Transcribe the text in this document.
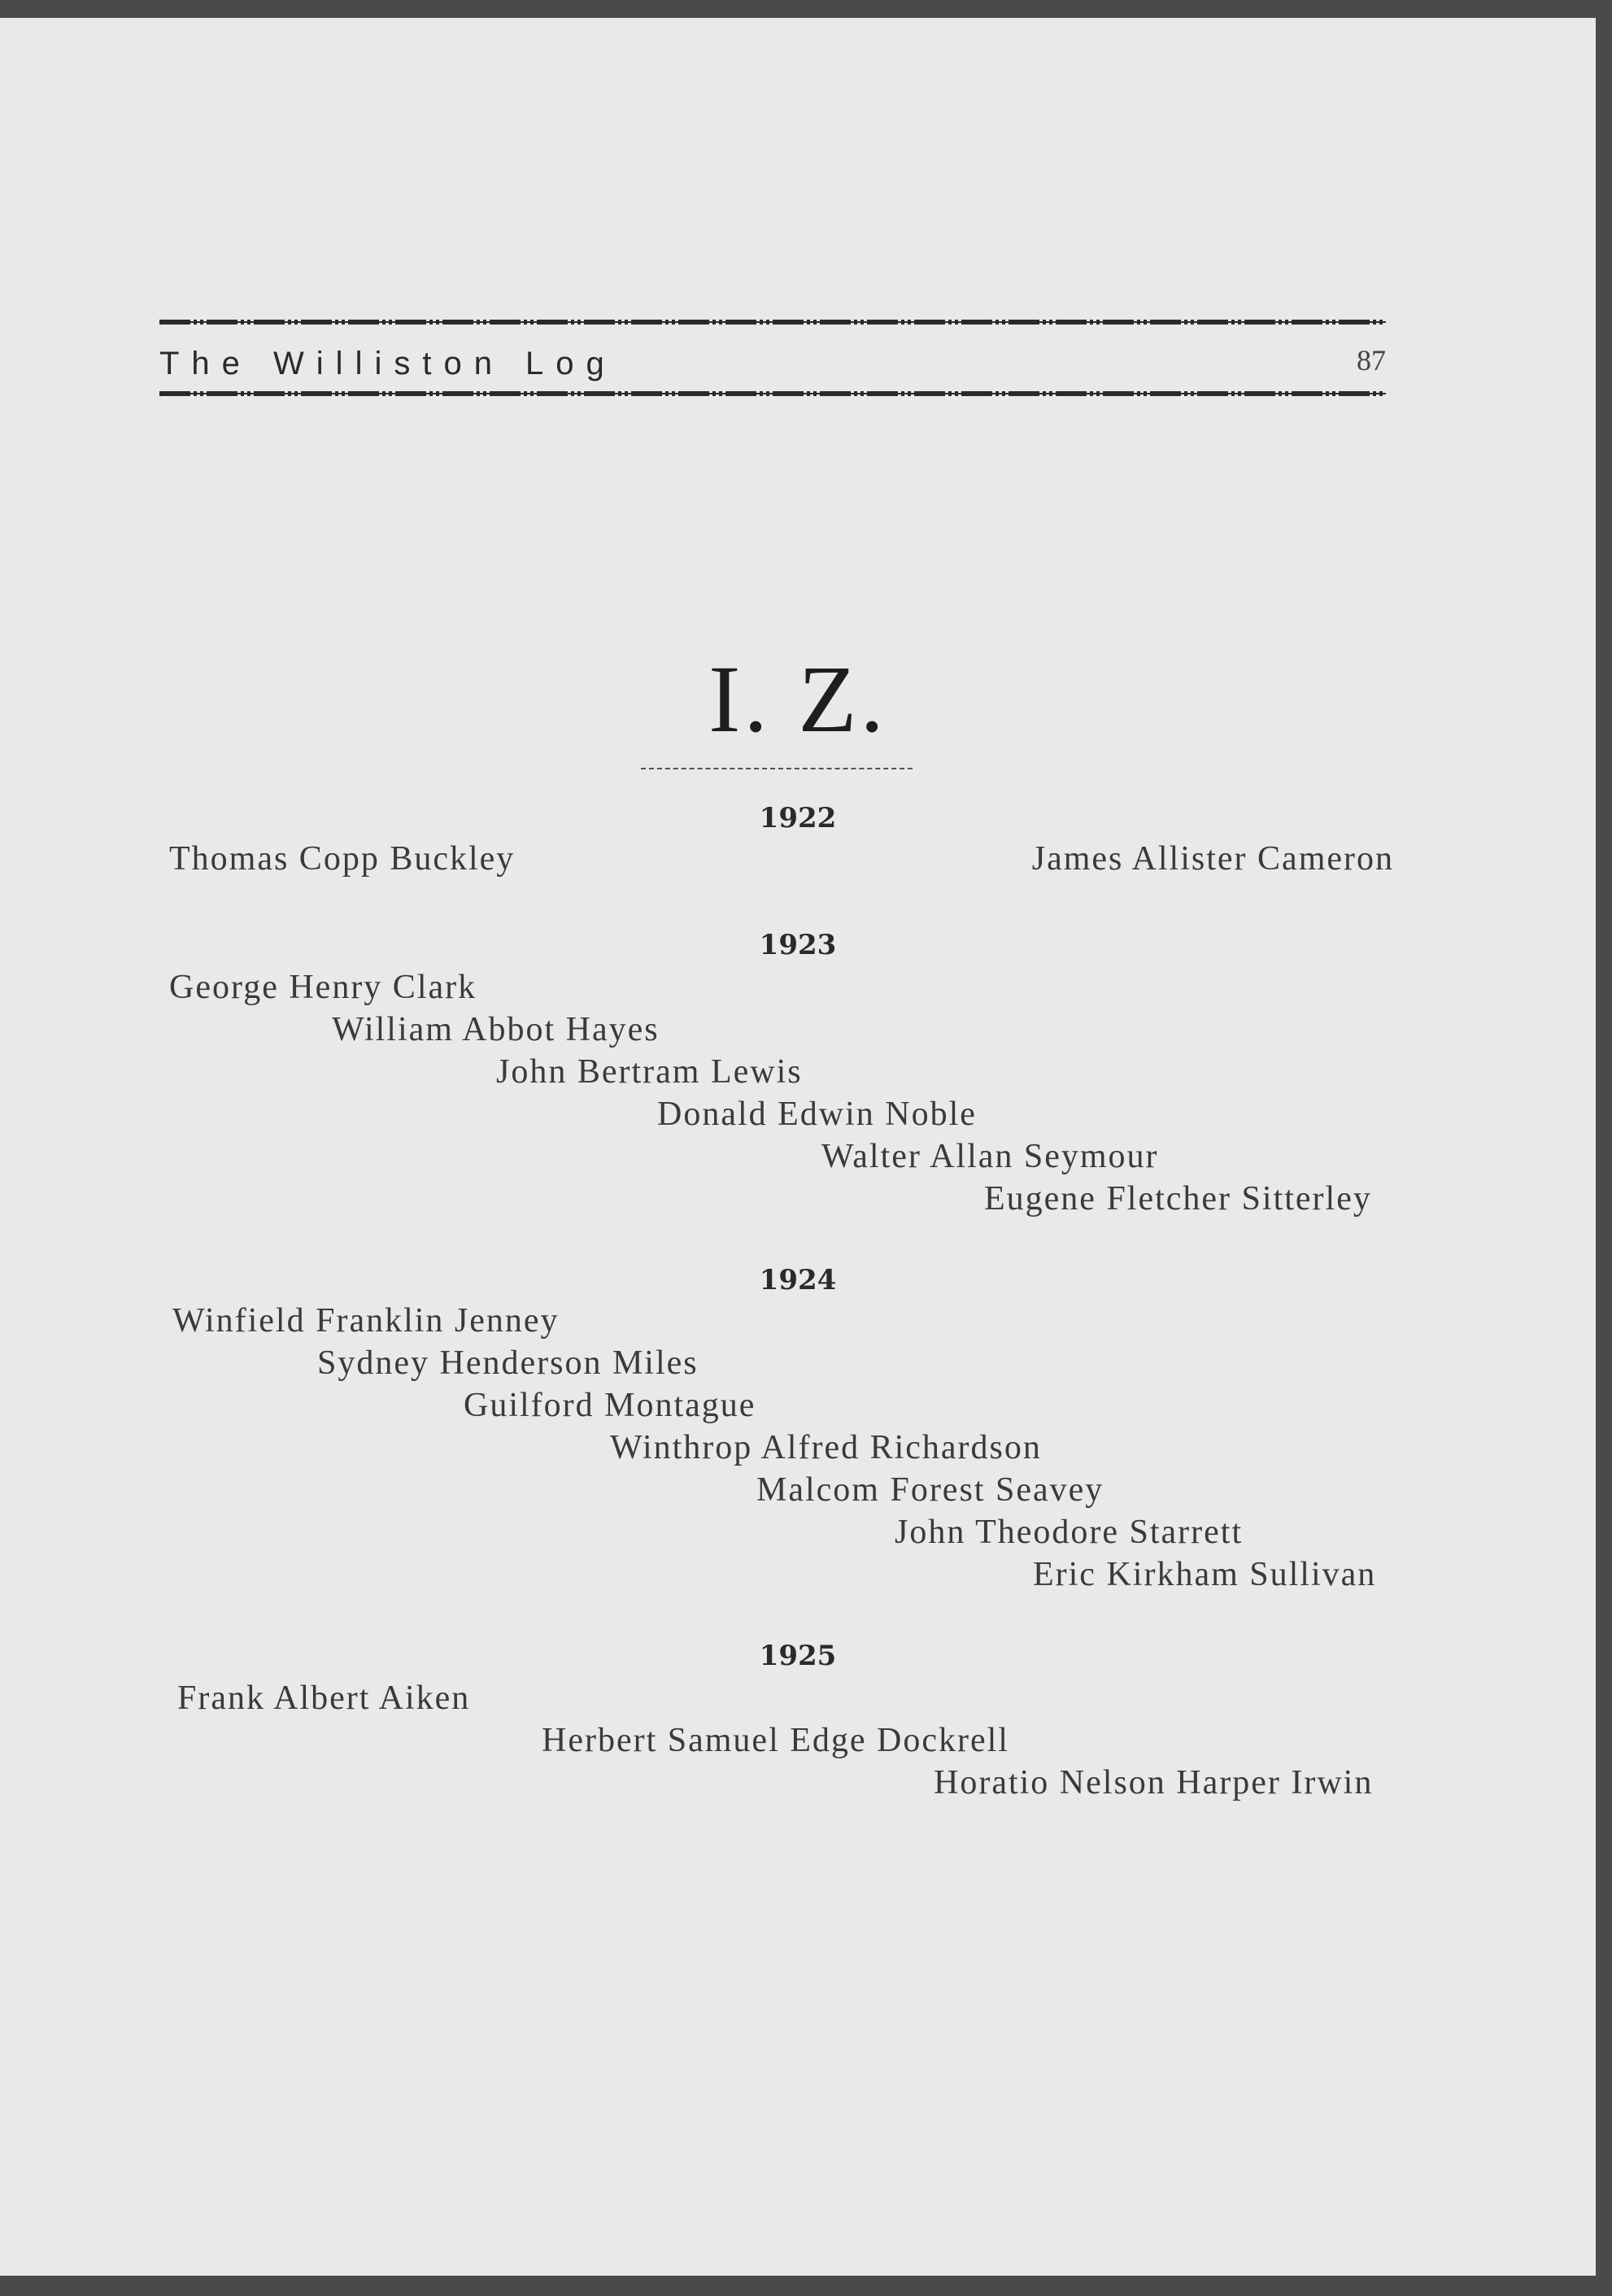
The Williston Log	87
I. Z.
1922
Thomas Copp Buckley	James Allister Cameron
1923
George Henry Clark
William Abbot Hayes
John Bertram Lewis
Donald Edwin Noble
Walter Allan Seymour
Eugene Fletcher Sitterley
1924
Winfield Franklin Jenney
Sydney Henderson Miles
Guilford Montague
Winthrop Alfred Richardson
Malcom Forest Seavey
John Theodore Starrett
Eric Kirkham Sullivan
1925
Frank Albert Aiken
Herbert Samuel Edge Dockrell
Horatio Nelson Harper Irwin
